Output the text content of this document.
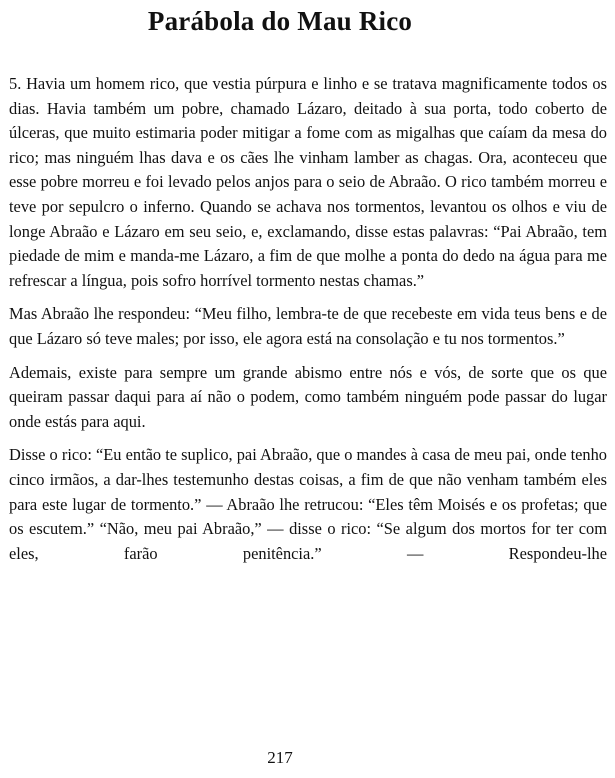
Parábola do Mau Rico

5. Havia um homem rico, que vestia púrpura e linho e se tratava magnificamente todos os dias. Havia também um pobre, chamado Lázaro, deitado à sua porta, todo coberto de úlceras, que muito estimaria poder mitigar a fome com as migalhas que caíam da mesa do rico; mas ninguém lhas dava e os cães lhe vinham lamber as chagas. Ora, aconteceu que esse pobre morreu e foi levado pelos anjos para o seio de Abraão. O rico também morreu e teve por sepulcro o inferno. Quando se achava nos tormentos, levantou os olhos e viu de longe Abraão e Lázaro em seu seio, e, exclamando, disse estas palavras: “Pai Abraão, tem piedade de mim e manda-me Lázaro, a fim de que molhe a ponta do dedo na água para me refrescar a língua, pois sofro horrível tormento nestas chamas.”

Mas Abraão lhe respondeu: “Meu filho, lembra-te de que recebeste em vida teus bens e de que Lázaro só teve males; por isso, ele agora está na consolação e tu nos tormentos.”

Ademais, existe para sempre um grande abismo entre nós e vós, de sorte que os que queiram passar daqui para aí não o podem, como também ninguém pode passar do lugar onde estás para aqui.

Disse o rico: “Eu então te suplico, pai Abraão, que o mandes à casa de meu pai, onde tenho cinco irmãos, a dar-lhes testemunho destas coisas, a fim de que não venham também eles para este lugar de tormento.” — Abraão lhe retrucou: “Eles têm Moisés e os profetas; que os escutem.” “Não, meu pai Abraão,” — disse o rico: “Se algum dos mortos for ter com eles, farão penitência.” — Respondeu-lhe

217
